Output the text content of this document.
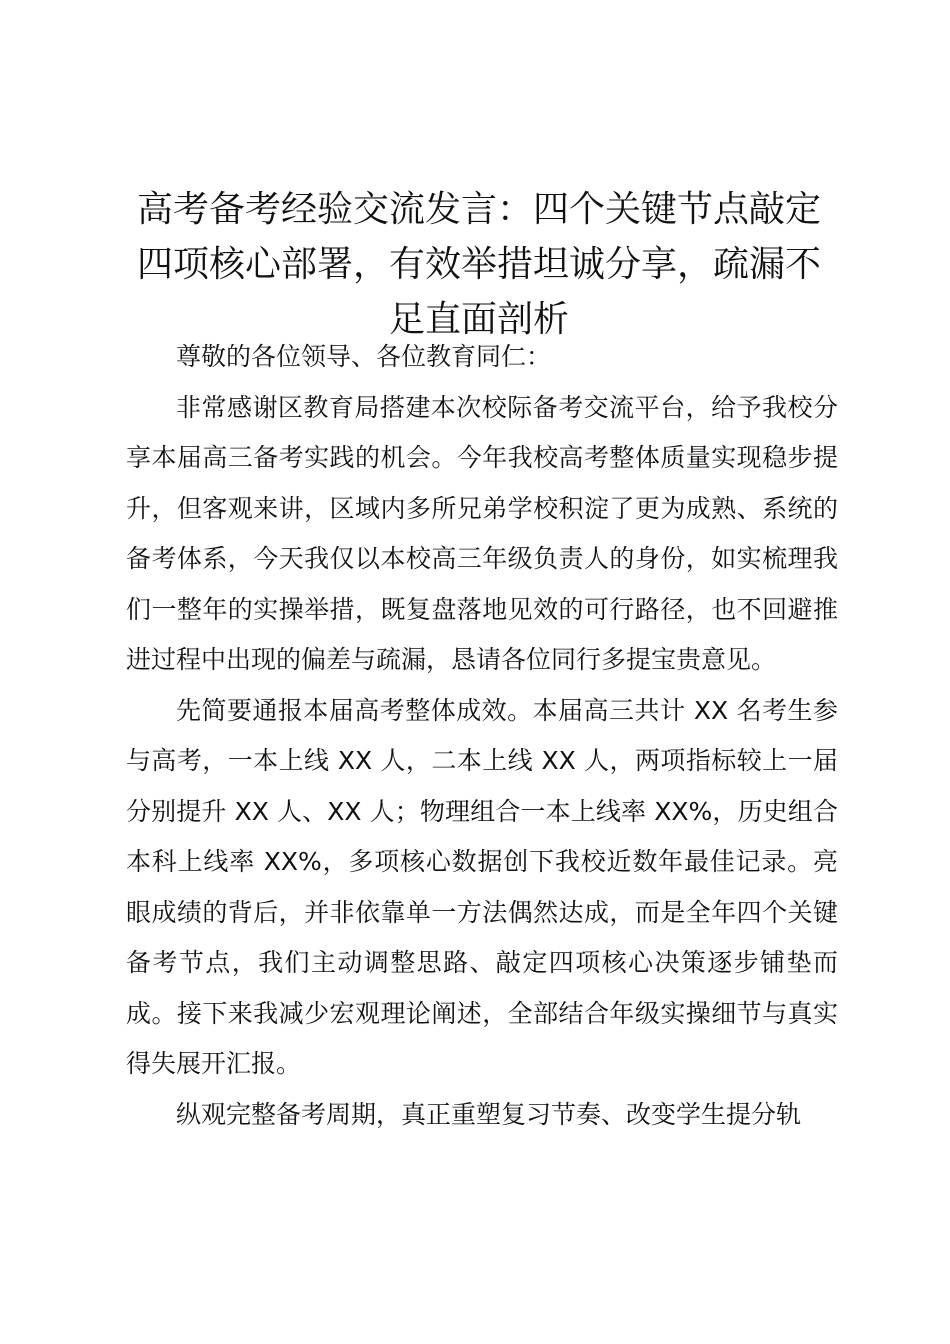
高考备考经验交流发言：四个关键节点敲定四项核心部署，有效举措坦诚分享，疏漏不足直面剖析

尊敬的各位领导、各位教育同仁：

非常感谢区教育局搭建本次校际备考交流平台，给予我校分享本届高三备考实践的机会。今年我校高考整体质量实现稳步提升，但客观来讲，区域内多所兄弟学校积淀了更为成熟、系统的备考体系，今天我仅以本校高三年级负责人的身份，如实梳理我们一整年的实操举措，既复盘落地见效的可行路径，也不回避推进过程中出现的偏差与疏漏，恳请各位同行多提宝贵意见。

先简要通报本届高考整体成效。本届高三共计 XX 名考生参与高考，一本上线 XX 人，二本上线 XX 人，两项指标较上一届分别提升 XX 人、XX 人；物理组合一本上线率 XX%，历史组合本科上线率 XX%，多项核心数据创下我校近数年最佳记录。亮眼成绩的背后，并非依靠单一方法偶然达成，而是全年四个关键备考节点，我们主动调整思路、敲定四项核心决策逐步铺垫而成。接下来我减少宏观理论阐述，全部结合年级实操细节与真实得失展开汇报。

纵观完整备考周期，真正重塑复习节奏、改变学生提分轨
